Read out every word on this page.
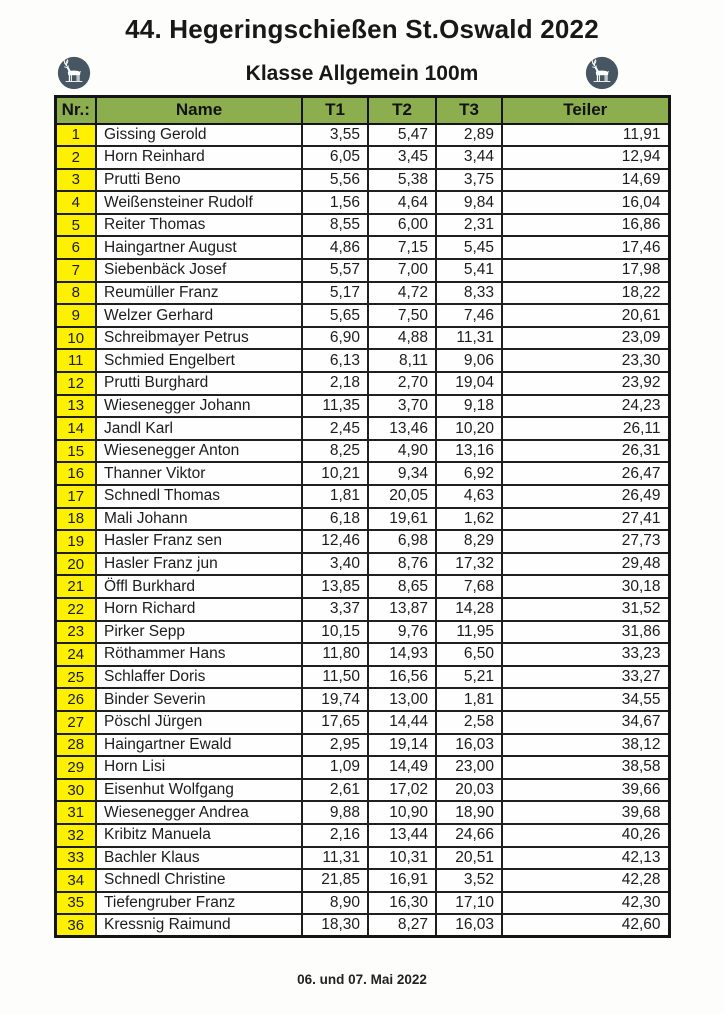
44. Hegeringschießen St.Oswald 2022
Klasse Allgemein 100m
Nr.:	Name	T1	T2	T3	Teiler
1	Gissing Gerold	3,55	5,47	2,89	11,91
2	Horn Reinhard	6,05	3,45	3,44	12,94
3	Prutti Beno	5,56	5,38	3,75	14,69
4	Weißensteiner Rudolf	1,56	4,64	9,84	16,04
5	Reiter Thomas	8,55	6,00	2,31	16,86
6	Haingartner August	4,86	7,15	5,45	17,46
7	Siebenbäck Josef	5,57	7,00	5,41	17,98
8	Reumüller Franz	5,17	4,72	8,33	18,22
9	Welzer Gerhard	5,65	7,50	7,46	20,61
10	Schreibmayer Petrus	6,90	4,88	11,31	23,09
11	Schmied Engelbert	6,13	8,11	9,06	23,30
12	Prutti Burghard	2,18	2,70	19,04	23,92
13	Wiesenegger Johann	11,35	3,70	9,18	24,23
14	Jandl Karl	2,45	13,46	10,20	26,11
15	Wiesenegger Anton	8,25	4,90	13,16	26,31
16	Thanner Viktor	10,21	9,34	6,92	26,47
17	Schnedl Thomas	1,81	20,05	4,63	26,49
18	Mali Johann	6,18	19,61	1,62	27,41
19	Hasler Franz sen	12,46	6,98	8,29	27,73
20	Hasler Franz jun	3,40	8,76	17,32	29,48
21	Öffl Burkhard	13,85	8,65	7,68	30,18
22	Horn Richard	3,37	13,87	14,28	31,52
23	Pirker Sepp	10,15	9,76	11,95	31,86
24	Röthammer Hans	11,80	14,93	6,50	33,23
25	Schlaffer Doris	11,50	16,56	5,21	33,27
26	Binder Severin	19,74	13,00	1,81	34,55
27	Pöschl Jürgen	17,65	14,44	2,58	34,67
28	Haingartner Ewald	2,95	19,14	16,03	38,12
29	Horn Lisi	1,09	14,49	23,00	38,58
30	Eisenhut Wolfgang	2,61	17,02	20,03	39,66
31	Wiesenegger Andrea	9,88	10,90	18,90	39,68
32	Kribitz Manuela	2,16	13,44	24,66	40,26
33	Bachler Klaus	11,31	10,31	20,51	42,13
34	Schnedl Christine	21,85	16,91	3,52	42,28
35	Tiefengruber Franz	8,90	16,30	17,10	42,30
36	Kressnig Raimund	18,30	8,27	16,03	42,60
06. und 07. Mai 2022
